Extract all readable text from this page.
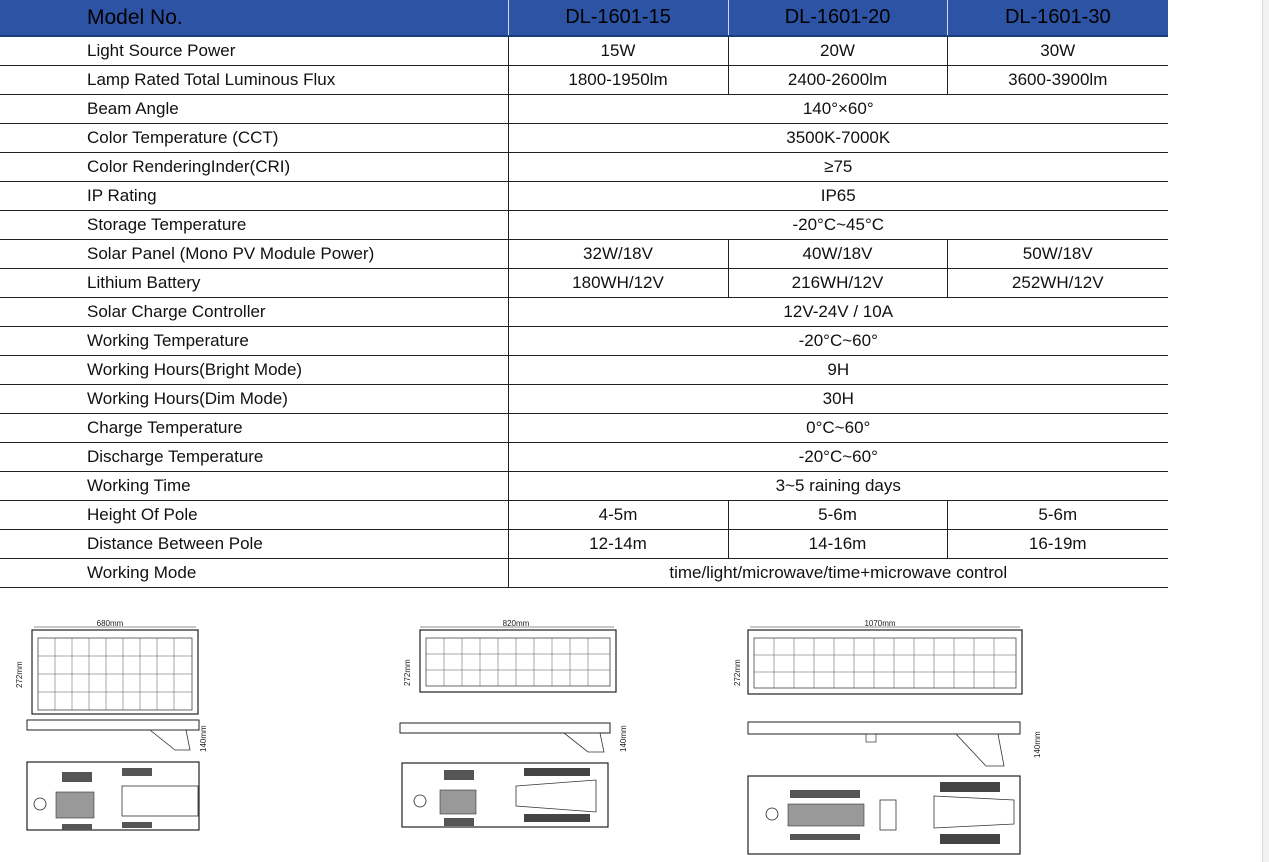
Model No.	DL-1601-15	DL-1601-20	DL-1601-30
Light Source Power	15W	20W	30W
Lamp Rated Total Luminous Flux	1800-1950lm	2400-2600lm	3600-3900lm
Beam Angle	140°×60°		
Color Temperature (CCT)	3500K-7000K		
Color RenderingInder(CRI)	≥75		
IP Rating	IP65		
Storage Temperature	-20°C~45°C		
Solar Panel (Mono PV Module Power)	32W/18V	40W/18V	50W/18V
Lithium Battery	180WH/12V	216WH/12V	252WH/12V
Solar Charge Controller	12V-24V / 10A		
Working Temperature	-20°C~60°		
Working Hours(Bright Mode)	9H		
Working Hours(Dim Mode)	30H		
Charge Temperature	0°C~60°		
Discharge Temperature	-20°C~60°		
Working Time	3~5 raining days		
Height Of Pole	4-5m	5-6m	5-6m
Distance Between Pole	12-14m	14-16m	16-19m
Working Mode	time/light/microwave/time+microwave control		
680mm
272mm
140mm
820mm
272mm
140mm
1070mm
272mm
140mm
